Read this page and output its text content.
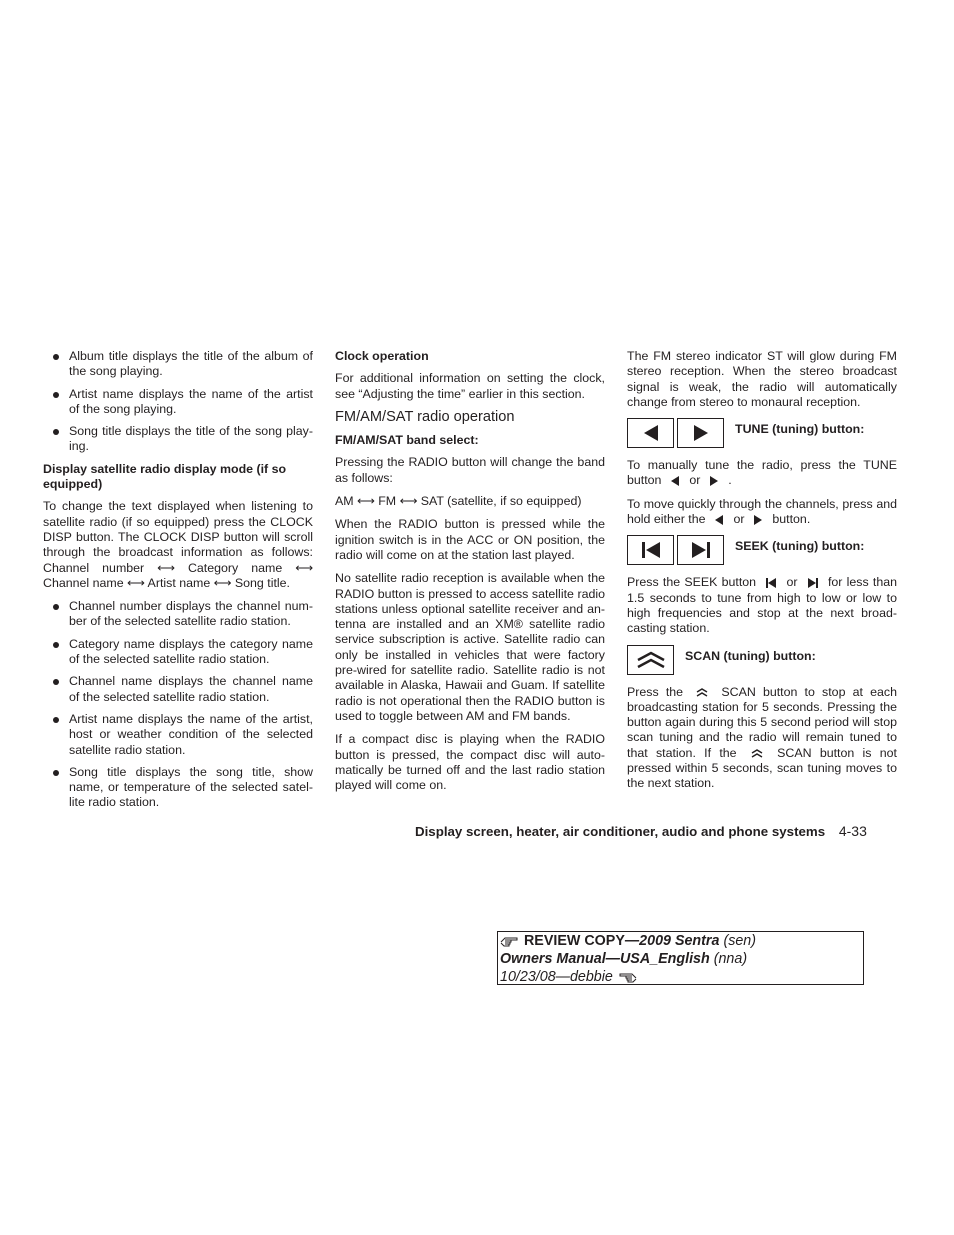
Album title displays the title of the album of the song playing.
Artist name displays the name of the artist of the song playing.
Song title displays the title of the song play-ing.
Display satellite radio display mode (if so equipped)

To change the text displayed when listening to satellite radio (if so equipped) press the CLOCK DISP button. The CLOCK DISP button will scroll through the broadcast information as follows: Channel number ⟷ Category name ⟷ Channel name ⟷ Artist name ⟷ Song title.

Channel number displays the channel num-ber of the selected satellite radio station.
Category name displays the category name of the selected satellite radio station.
Channel name displays the channel name of the selected satellite radio station.
Artist name displays the name of the artist, host or weather condition of the selected satellite radio station.
Song title displays the song title, show name, or temperature of the selected satel-lite radio station.
Clock operation

For additional information on setting the clock, see “Adjusting the time” earlier in this section.

FM/AM/SAT radio operation
FM/AM/SAT band select:

Pressing the RADIO button will change the band as follows:

AM ⟷ FM ⟷ SAT (satellite, if so equipped)

When the RADIO button is pressed while the ignition switch is in the ACC or ON position, the radio will come on at the station last played.

No satellite radio reception is available when the RADIO button is pressed to access satellite radio stations unless optional satellite receiver and an-tenna are installed and an XM® satellite radio service subscription is active. Satellite radio can only be installed in vehicles that were factory pre-wired for satellite radio. Satellite radio is not available in Alaska, Hawaii and Guam. If satellite radio is not operational then the RADIO button is used to toggle between AM and FM bands.

If a compact disc is playing when the RADIO button is pressed, the compact disc will auto-matically be turned off and the last radio station played will come on.

The FM stereo indicator ST will glow during FM stereo reception. When the stereo broadcast signal is weak, the radio will automatically change from stereo to monaural reception.

TUNE (tuning) button:

To manually tune the radio, press the TUNE button or .

To move quickly through the channels, press and hold either the or button.

SEEK (tuning) button:

Press the SEEK button or for less than 1.5 seconds to tune from high to low or low to high frequencies and stop at the next broad-casting station.

SCAN (tuning) button:

Press the	SCAN button to stop at each broadcasting station for 5 seconds. Pressing the button again during this 5 second period will stop scan tuning and the radio will remain tuned to that station. If the	SCAN button is not pressed within 5 seconds, scan tuning moves to the next station.

Display screen, heater, air conditioner, audio and phone systems 4-33
REVIEW COPY—2009 Sentra (sen)
Owners Manual—USA_English (nna)
10/23/08—debbie
